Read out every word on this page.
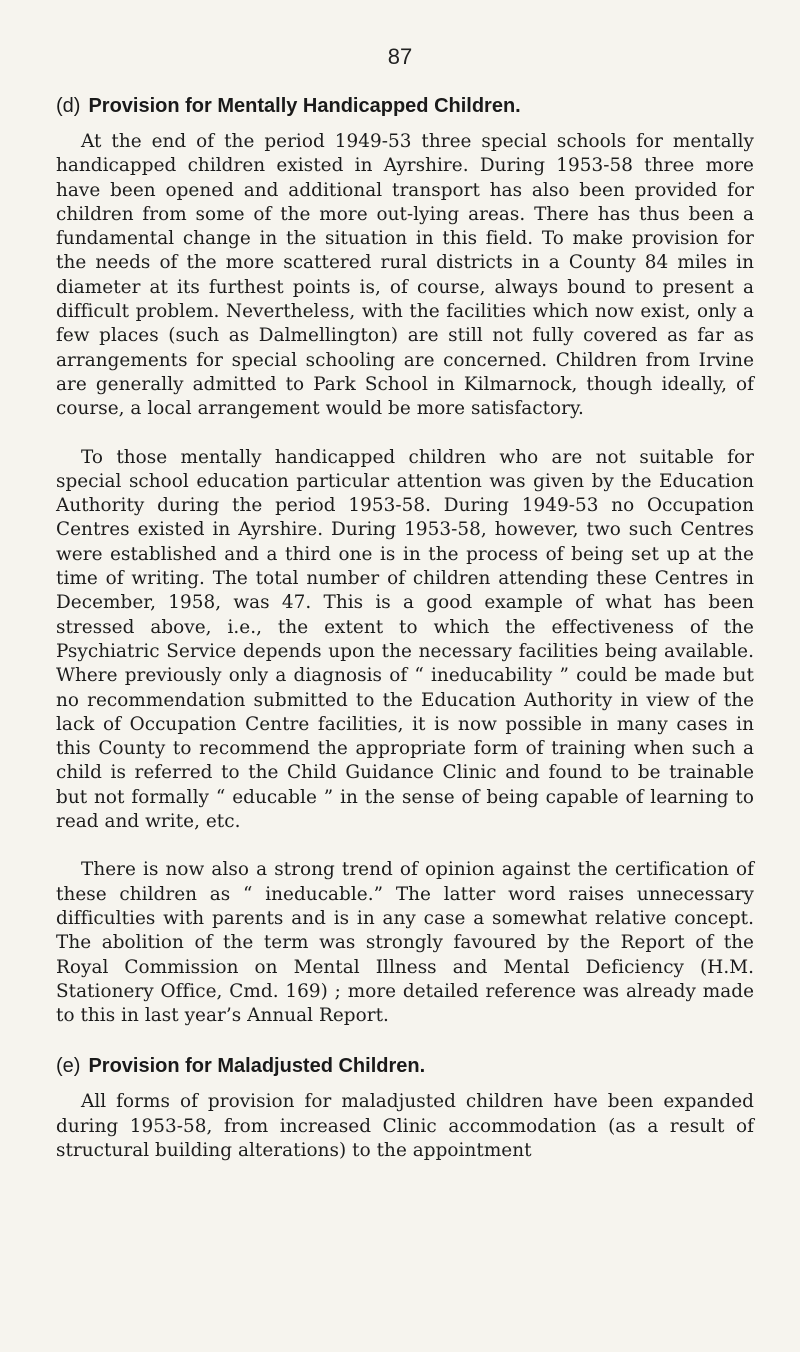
87
(d) Provision for Mentally Handicapped Children.

At the end of the period 1949-53 three special schools for mentally handicapped children existed in Ayrshire. During 1953-58 three more have been opened and additional transport has also been provided for children from some of the more out-lying areas. There has thus been a fundamental change in the situation in this field. To make provision for the needs of the more scattered rural districts in a County 84 miles in diameter at its furthest points is, of course, always bound to present a difficult problem. Nevertheless, with the facilities which now exist, only a few places (such as Dalmellington) are still not fully covered as far as arrangements for special schooling are concerned. Children from Irvine are generally admitted to Park School in Kilmarnock, though ideally, of course, a local arrangement would be more satisfactory.

To those mentally handicapped children who are not suitable for special school education particular attention was given by the Education Authority during the period 1953-58. During 1949-53 no Occupation Centres existed in Ayrshire. During 1953-58, however, two such Centres were established and a third one is in the process of being set up at the time of writing. The total number of children attending these Centres in December, 1958, was 47. This is a good example of what has been stressed above, i.e., the extent to which the effectiveness of the Psychiatric Service depends upon the necessary facilities being available. Where previously only a diagnosis of “ ineducability ” could be made but no recommendation submitted to the Education Authority in view of the lack of Occupation Centre facilities, it is now possible in many cases in this County to recommend the appropriate form of training when such a child is referred to the Child Guidance Clinic and found to be trainable but not formally “ educable ” in the sense of being capable of learning to read and write, etc.

There is now also a strong trend of opinion against the certification of these children as “ ineducable.” The latter word raises unnecessary difficulties with parents and is in any case a somewhat relative concept. The abolition of the term was strongly favoured by the Report of the Royal Commission on Mental Illness and Mental Deficiency (H.M. Stationery Office, Cmd. 169) ; more detailed reference was already made to this in last year’s Annual Report.

(e) Provision for Maladjusted Children.

All forms of provision for maladjusted children have been expanded during 1953-58, from increased Clinic accommodation (as a result of structural building alterations) to the appointment
